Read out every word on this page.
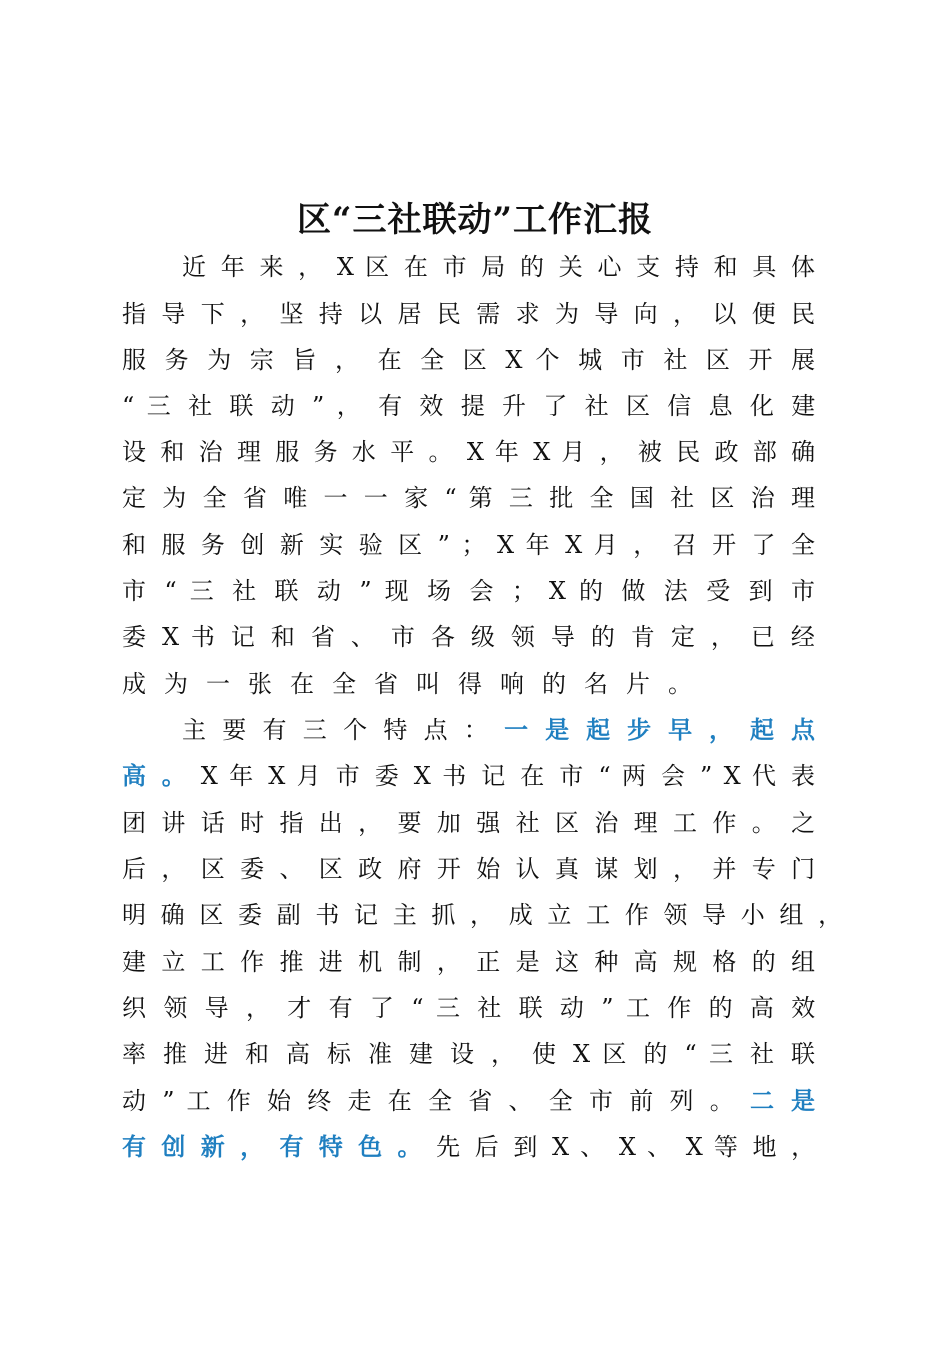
区“三社联动”工作汇报
近 年 来 ， X 区 在 市 局 的 关 心 支 持 和 具 体
指 导 下 ， 坚 持 以 居 民 需 求 为 导 向 ， 以 便 民
服 务 为 宗 旨 ， 在 全 区 X 个 城 市 社 区 开 展
“ 三 社 联 动 ” ， 有 效 提 升 了 社 区 信 息 化 建
设 和 治 理 服 务 水 平 。 X 年 X 月 ， 被 民 政 部 确
定 为 全 省 唯 一 一 家 “ 第 三 批 全 国 社 区 治 理
和 服 务 创 新 实 验 区 ” ； X 年 X 月 ， 召 开 了 全
市 “ 三 社 联 动 ” 现 场 会 ； X 的 做 法 受 到 市
委 X 书 记 和 省 、 市 各 级 领 导 的 肯 定 ， 已 经
成为一张在全省叫得响的名片。
主 要 有 三 个 特 点 ： 一 是 起 步 早 ， 起 点
高 。 X 年 X 月 市 委 X 书 记 在 市 “ 两 会 ” X 代 表
团 讲 话 时 指 出 ， 要 加 强 社 区 治 理 工 作 。 之
后 ， 区 委 、 区 政 府 开 始 认 真 谋 划 ， 并 专 门
明 确 区 委 副 书 记 主 抓 ， 成 立 工 作 领 导 小 组 ，
建 立 工 作 推 进 机 制 ， 正 是 这 种 高 规 格 的 组
织 领 导 ， 才 有 了 “ 三 社 联 动 ” 工 作 的 高 效
率 推 进 和 高 标 准 建 设 ， 使 X 区 的 “ 三 社 联
动 ” 工 作 始 终 走 在 全 省 、 全 市 前 列 。 二 是
有 创 新 ， 有 特 色 。 先 后 到 X 、 X 、 X 等 地 ，
